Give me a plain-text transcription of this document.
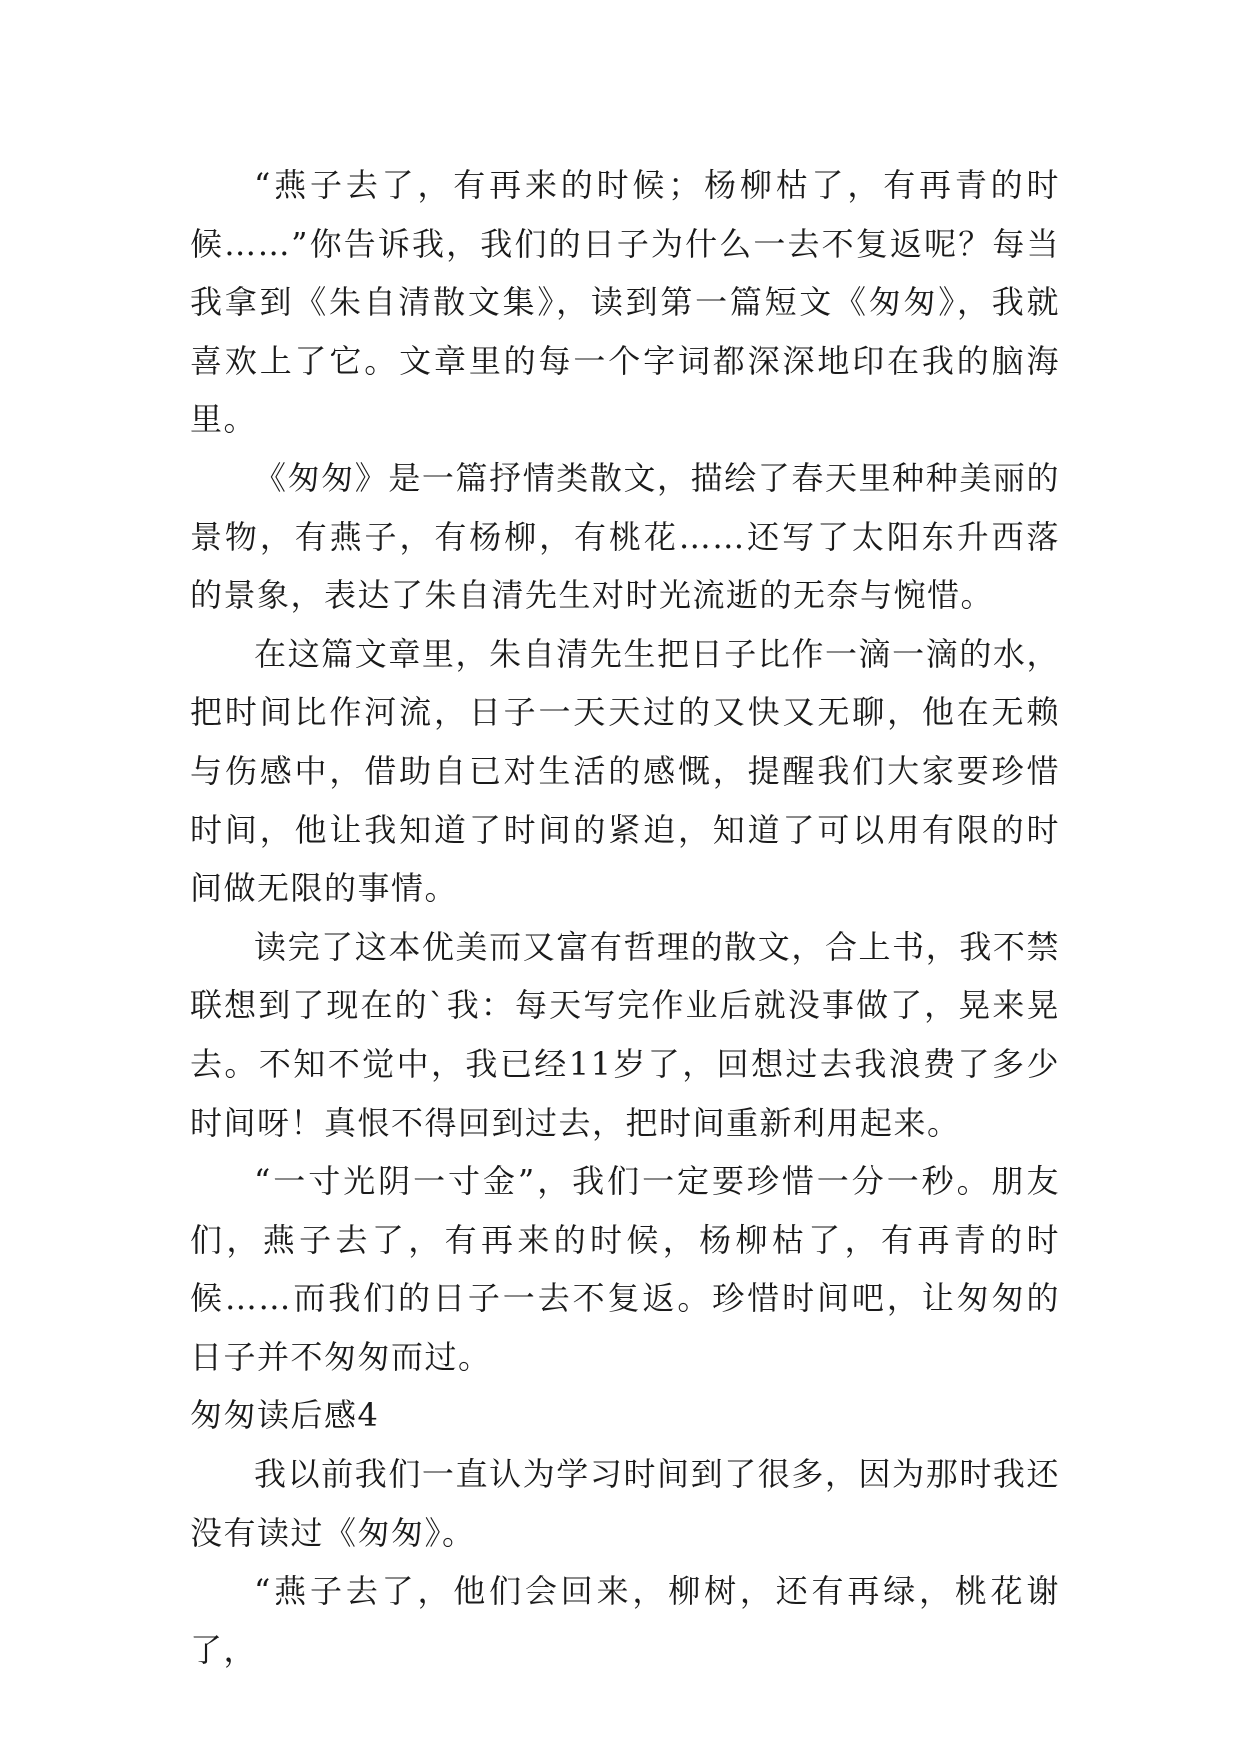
“燕子去了，有再来的时候；杨柳枯了，有再青的时候……”你告诉我，我们的日子为什么一去不复返呢？每当我拿到《朱自清散文集》，读到第一篇短文《匆匆》，我就喜欢上了它。文章里的每一个字词都深深地印在我的脑海里。

《匆匆》是一篇抒情类散文，描绘了春天里种种美丽的景物，有燕子，有杨柳，有桃花……还写了太阳东升西落的景象，表达了朱自清先生对时光流逝的无奈与惋惜。

在这篇文章里，朱自清先生把日子比作一滴一滴的水，把时间比作河流，日子一天天过的又快又无聊，他在无赖与伤感中，借助自已对生活的感慨，提醒我们大家要珍惜时间，他让我知道了时间的紧迫，知道了可以用有限的时间做无限的事情。

读完了这本优美而又富有哲理的散文，合上书，我不禁联想到了现在的`我：每天写完作业后就没事做了，晃来晃去。不知不觉中，我已经11岁了，回想过去我浪费了多少时间呀！真恨不得回到过去，把时间重新利用起来。

“一寸光阴一寸金”，我们一定要珍惜一分一秒。朋友们，燕子去了，有再来的时候，杨柳枯了，有再青的时候……而我们的日子一去不复返。珍惜时间吧，让匆匆的日子并不匆匆而过。

匆匆读后感4

我以前我们一直认为学习时间到了很多，因为那时我还没有读过《匆匆》。

“燕子去了，他们会回来，柳树，还有再绿，桃花谢了，
